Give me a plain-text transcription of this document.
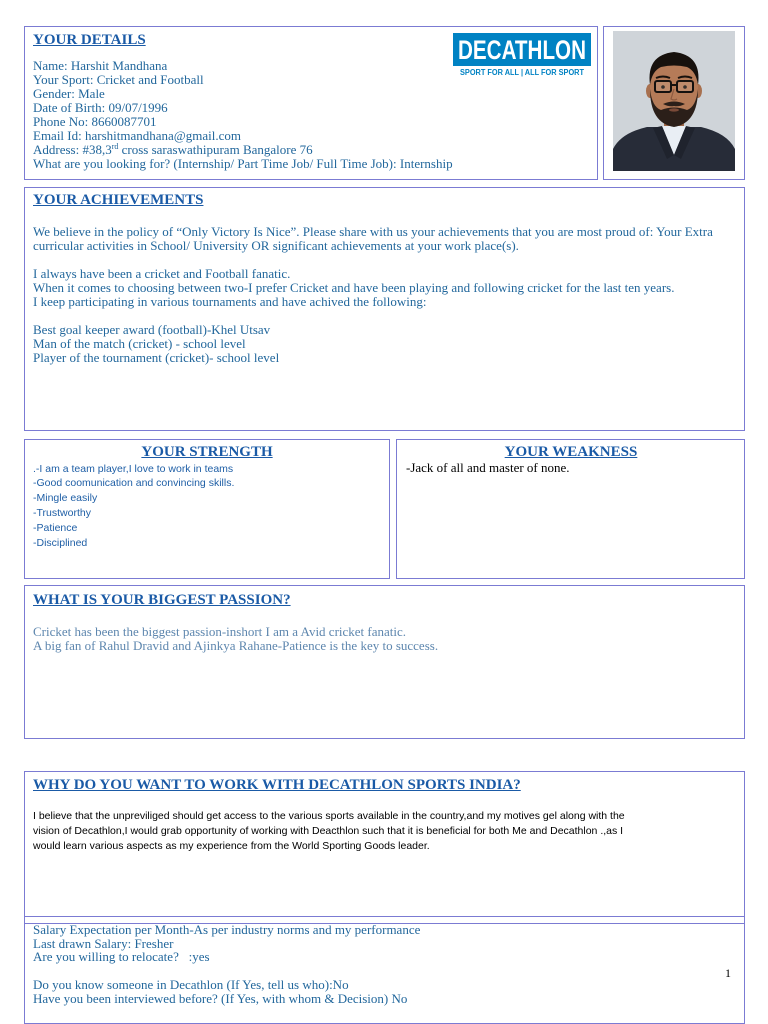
YOUR DETAILS
Name: Harshit Mandhana
Your Sport: Cricket and Football
Gender: Male
Date of Birth: 09/07/1996
Phone No: 8660087701
Email Id: harshitmandhana@gmail.com
Address: #38,3rd cross saraswathipuram Bangalore 76
What are you looking for? (Internship/ Part Time Job/ Full Time Job): Internship
DECATHLON
SPORT FOR ALL | ALL FOR SPORT
YOUR ACHIEVEMENTS
We believe in the policy of “Only Victory Is Nice”. Please share with us your achievements that you are most proud of: Your Extra
curricular activities in School/ University OR significant achievements at your work place(s).
I always have been a cricket and Football fanatic.
When it comes to choosing between two-I prefer Cricket and have been playing and following cricket for the last ten years.
I keep participating in various tournaments and have achived the following:
Best goal keeper award (football)-Khel Utsav
Man of the match (cricket) - school level
Player of the tournament (cricket)- school level
YOUR STRENGTH
.-I am a team player,I love to work in teams
-Good coomunication and convincing skills.
-Mingle easily
-Trustworthy
-Patience
-Disciplined
YOUR WEAKNESS
-Jack of all and master of none.
WHAT IS YOUR BIGGEST PASSION?
Cricket has been the biggest passion-inshort I am a Avid cricket fanatic.
A big fan of Rahul Dravid and Ajinkya Rahane-Patience is the key to success.
WHY DO YOU WANT TO WORK WITH DECATHLON SPORTS INDIA?
I believe that the unpreviliged should get access to the various sports available in the country,and my motives gel along with the
vision of Decathlon,I would grab opportunity of working with Deacthlon such that it is beneficial for both Me and Decathlon .,as I
would learn various aspects as my experience from the World Sporting Goods leader.
Salary Expectation per Month-As per industry norms and my performance
Last drawn Salary: Fresher
Are you willing to relocate?   :yes
Do you know someone in Decathlon (If Yes, tell us who):No
Have you been interviewed before? (If Yes, with whom & Decision) No
1
